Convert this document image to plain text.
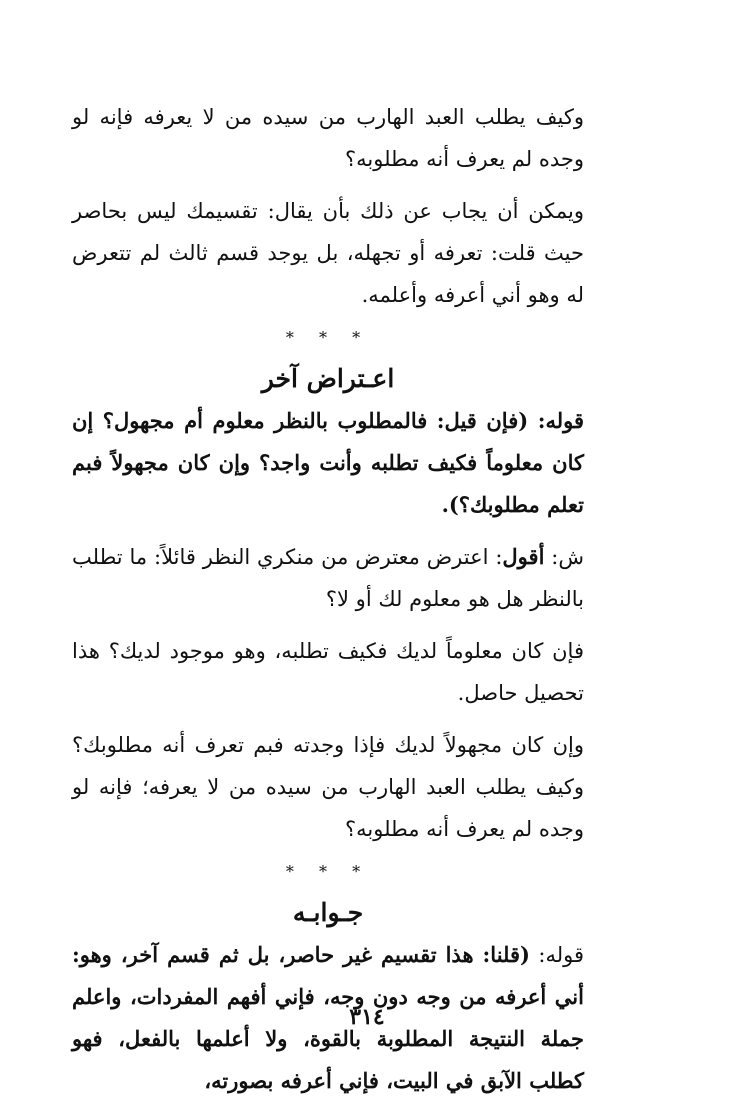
وكيف يطلب العبد الهارب من سيده من لا يعرفه فإنه لو وجده لم يعرف أنه مطلوبه؟

ويمكن أن يجاب عن ذلك بأن يقال: تقسيمك ليس بحاصر حيث قلت: تعرفه أو تجهله، بل يوجد قسم ثالث لم تتعرض له وهو أني أعرفه وأعلمه.

* * *
اعـتراض آخر

قوله: (فإن قيل: فالمطلوب بالنظر معلوم أم مجهول؟ إن كان معلوماً فكيف تطلبه وأنت واجد؟ وإن كان مجهولاً فبم تعلم مطلوبك؟).

ش: أقول: اعترض معترض من منكري النظر قائلاً: ما تطلب بالنظر هل هو معلوم لك أو لا؟

فإن كان معلوماً لديك فكيف تطلبه، وهو موجود لديك؟ هذا تحصيل حاصل.

وإن كان مجهولاً لديك فإذا وجدته فبم تعرف أنه مطلوبك؟ وكيف يطلب العبد الهارب من سيده من لا يعرفه؛ فإنه لو وجده لم يعرف أنه مطلوبه؟

* * *
جـوابـه

قوله: (قلنا: هذا تقسيم غير حاصر، بل ثم قسم آخر، وهو: أني أعرفه من وجه دون وجه، فإني أفهم المفردات، واعلم جملة النتيجة المطلوبة بالقوة، ولا أعلمها بالفعل، فهو كطلب الآبق في البيت، فإني أعرفه بصورته،

٣١٤
